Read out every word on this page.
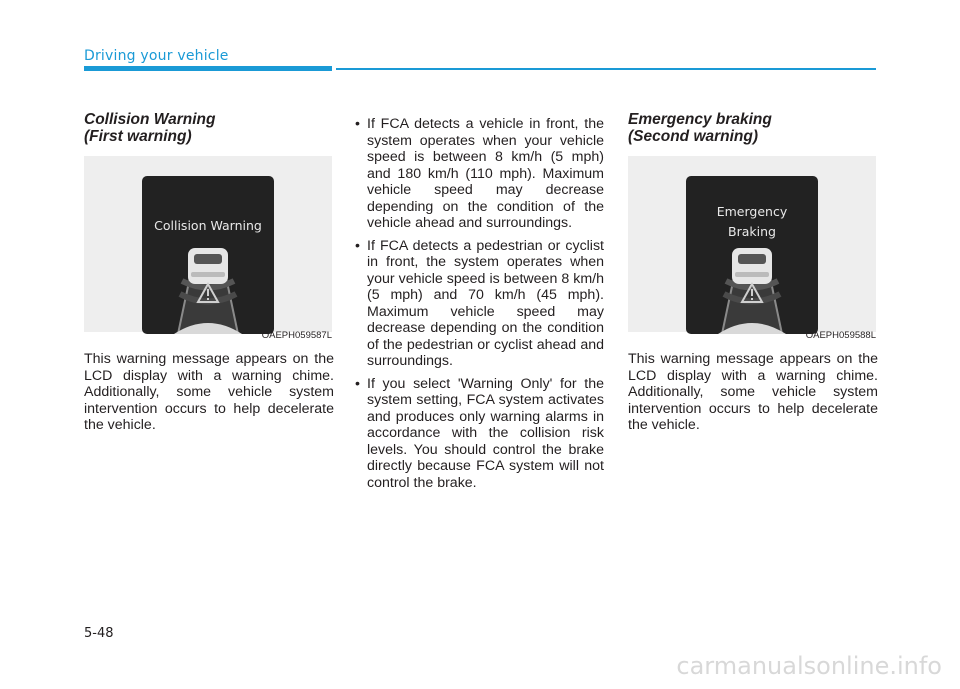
Driving your vehicle
Collision Warning
(First warning)
Collision Warning
OAEPH059587L

This warning message appears on the LCD display with a warning chime. Additionally, some vehicle system intervention occurs to help decelerate the vehicle.

• If FCA detects a vehicle in front, the system operates when your vehicle speed is between 8 km/h (5 mph) and 180 km/h (110 mph). Maximum vehicle speed may decrease depending on the condition of the vehicle ahead and surroundings.
• If FCA detects a pedestrian or cyclist in front, the system operates when your vehicle speed is between 8 km/h (5 mph) and 70 km/h (45 mph). Maximum vehicle speed may decrease depending on the condition of the pedestrian or cyclist ahead and surroundings.
• If you select 'Warning Only' for the system setting, FCA system activates and produces only warning alarms in accordance with the collision risk levels. You should control the brake directly because FCA system will not control the brake.
Emergency braking
(Second warning)
Emergency
Braking
OAEPH059588L

This warning message appears on the LCD display with a warning chime. Additionally, some vehicle system intervention occurs to help decelerate the vehicle.

5-48
carmanualsonline.info
